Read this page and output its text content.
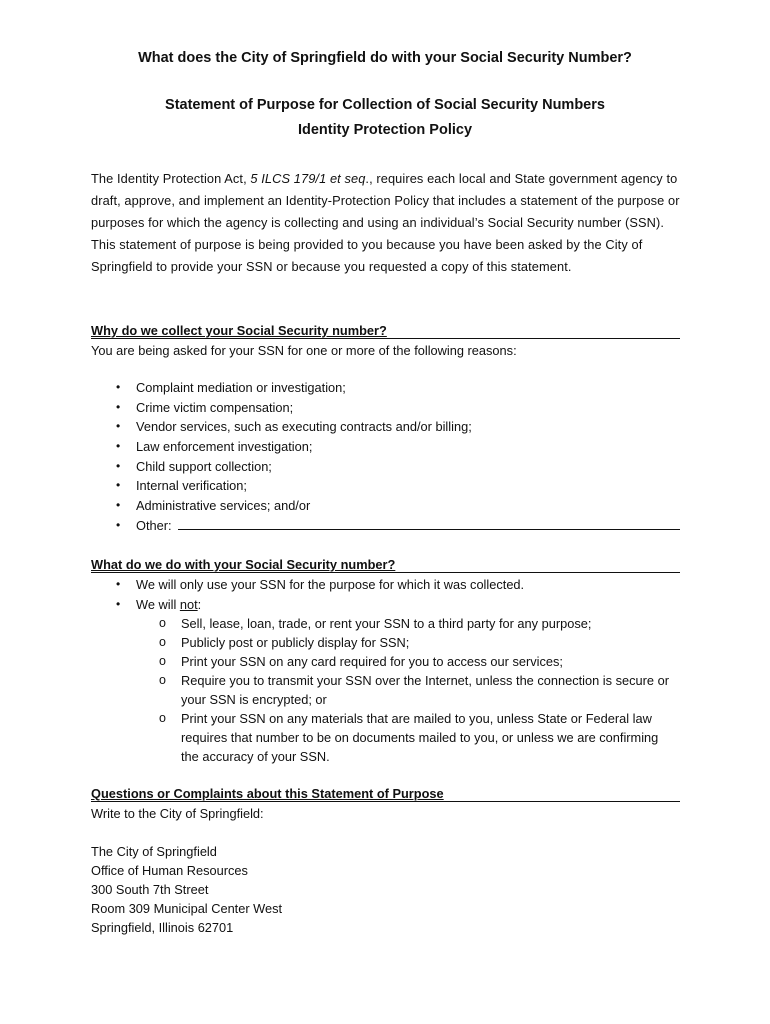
What does the City of Springfield do with your Social Security Number?
Statement of Purpose for Collection of Social Security Numbers
Identity Protection Policy

The Identity Protection Act, 5 ILCS 179/1 et seq., requires each local and State government agency to draft, approve, and implement an Identity-Protection Policy that includes a statement of the purpose or purposes for which the agency is collecting and using an individual’s Social Security number (SSN). This statement of purpose is being provided to you because you have been asked by the City of Springfield to provide your SSN or because you requested a copy of this statement.

Why do we collect your Social Security number?

You are being asked for your SSN for one or more of the following reasons:

• Complaint mediation or investigation;
• Crime victim compensation;
• Vendor services, such as executing contracts and/or billing;
• Law enforcement investigation;
• Child support collection;
• Internal verification;
• Administrative services; and/or
• Other:
What do we do with your Social Security number?
• We will only use your SSN for the purpose for which it was collected.
• We will not:
o Sell, lease, loan, trade, or rent your SSN to a third party for any purpose;
o Publicly post or publicly display for SSN;
o Print your SSN on any card required for you to access our services;
o Require you to transmit your SSN over the Internet, unless the connection is secure or your SSN is encrypted; or
o Print your SSN on any materials that are mailed to you, unless State or Federal law requires that number to be on documents mailed to you, or unless we are confirming the accuracy of your SSN.
Questions or Complaints about this Statement of Purpose

Write to the City of Springfield:

The City of Springfield
Office of Human Resources
300 South 7th Street
Room 309 Municipal Center West
Springfield, Illinois 62701
